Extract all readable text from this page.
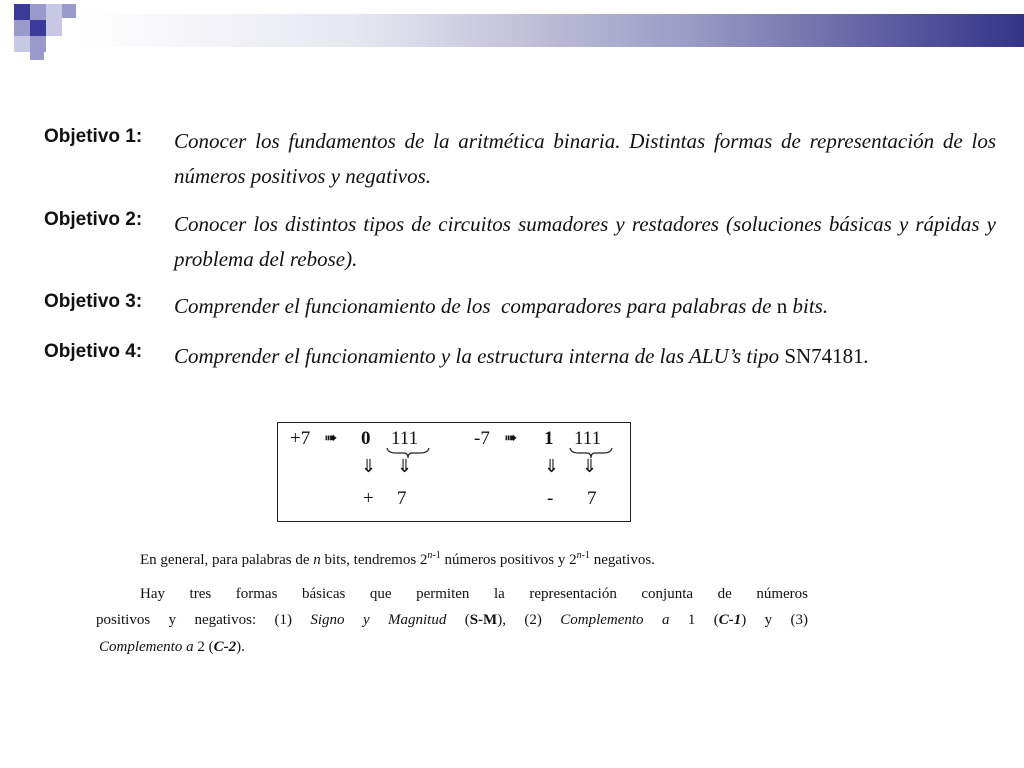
Objetivo 1:	Conocer los fundamentos de la aritmética binaria. Distintas formas de representación de los números positivos y negativos.
Objetivo 2:	Conocer los distintos tipos de circuitos sumadores y restadores (soluciones básicas y rápidas y problema del rebose).
Objetivo 3:	Comprender el funcionamiento de los  comparadores para palabras de n bits.
Objetivo 4:	Comprender el funcionamiento y la estructura interna de las ALU’s tipo SN74181.
+7 ➠ 0 111
⇓ ⇓
+ 7
-7 ➠ 1 111
⇓ ⇓
- 7
En general, para palabras de n bits, tendremos 2$^{n-1}$ números positivos y 2$^{n-1}$ negativos.
Hay tres formas básicas que permiten la representación conjunta de números
positivos y negativos: (1) Signo y Magnitud (S-M), (2) Complemento a 1 (C-1) y (3)
Complemento a 2 (C-2).
